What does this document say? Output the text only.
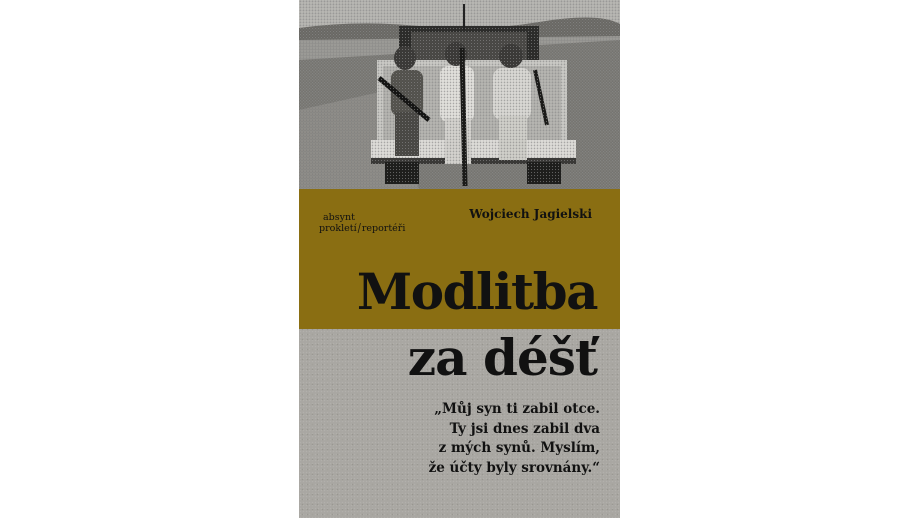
absynt
prokletí/reportéři
Wojciech Jagielski
Modlitba
za déšť
„Můj syn ti zabil otce.
Ty jsi dnes zabil dva
z mých synů. Myslím,
že účty byly srovnány.“
